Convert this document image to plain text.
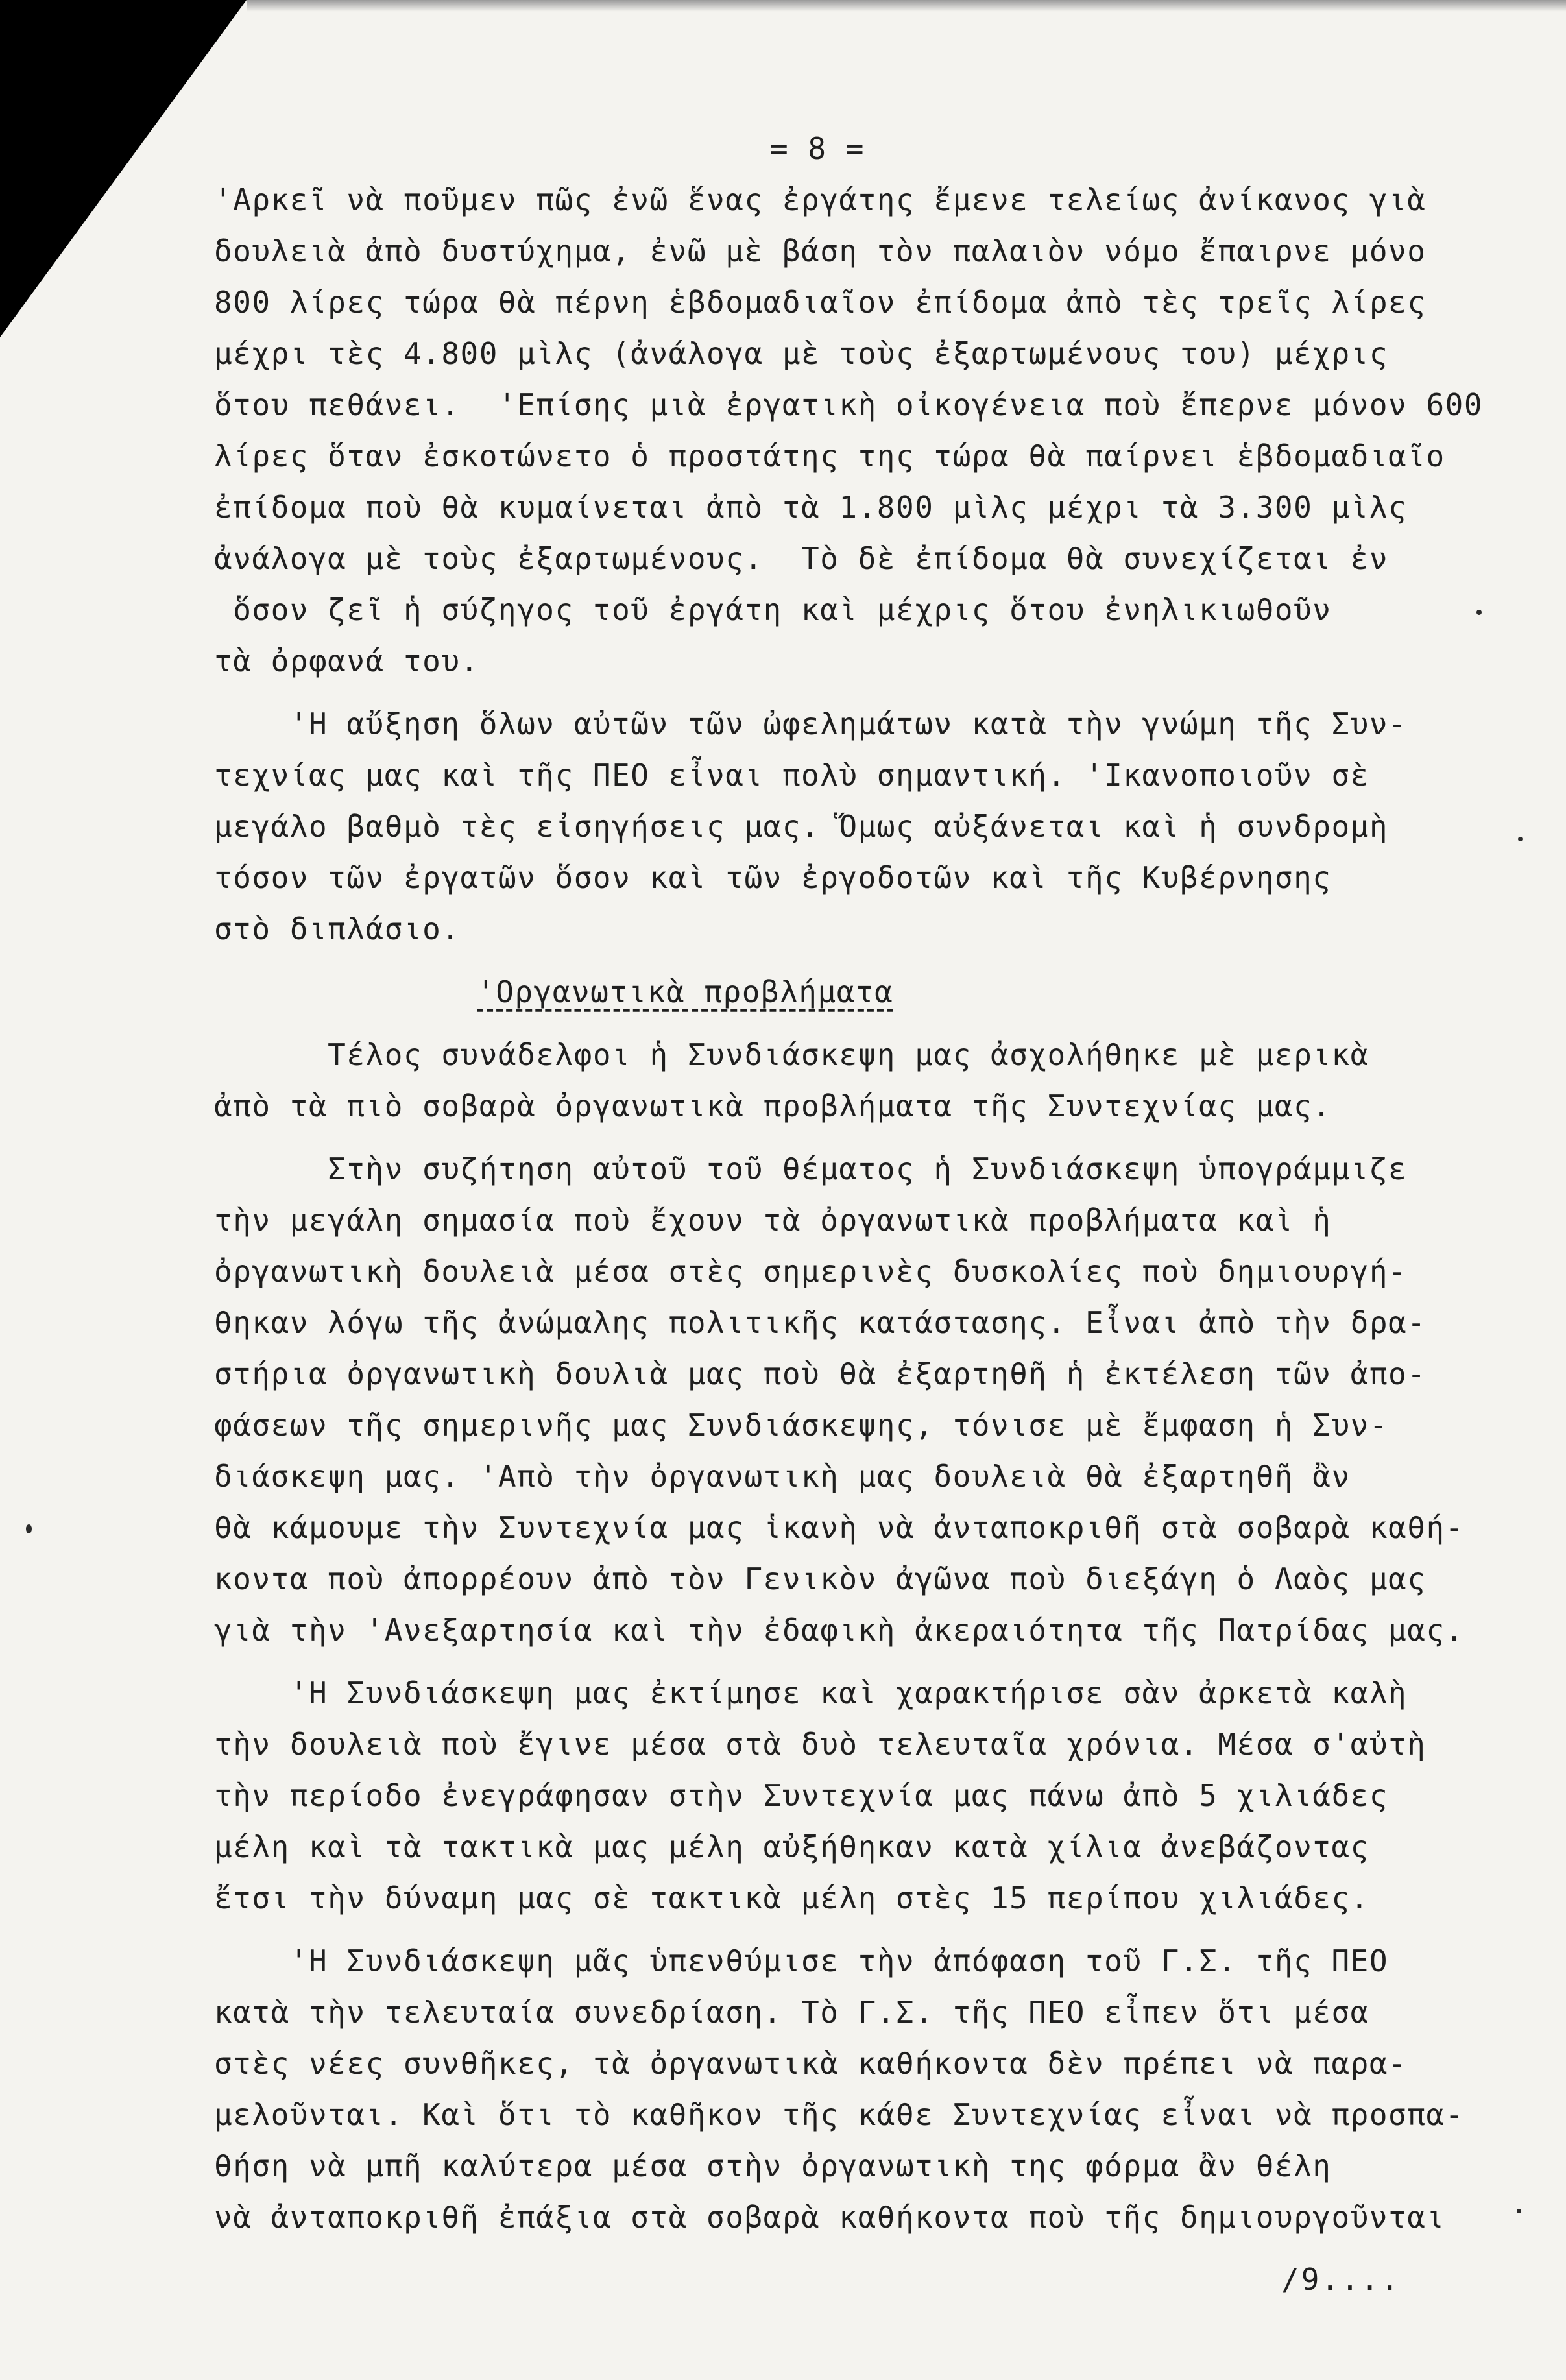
= 8 =
'Αρκεῖ νὰ ποῦμεν πῶς ἐνῶ ἕνας ἐργάτης ἔμενε τελείως ἀνίκανος γιὰ
δουλειὰ ἀπὸ δυστύχημα, ἐνῶ μὲ βάση τὸν παλαιὸν νόμο ἔπαιρνε μόνο
800 λίρες τώρα θὰ πέρνη ἑβδομαδιαῖον ἐπίδομα ἀπὸ τὲς τρεῖς λίρες
μέχρι τὲς 4.800 μὶλς (ἀνάλογα μὲ τοὺς ἐξαρτωμένους του) μέχρις
ὅτου πεθάνει.  'Επίσης μιὰ ἐργατικὴ οἰκογένεια ποὺ ἔπερνε μόνον 600
λίρες ὅταν ἐσκοτώνετο ὁ προστάτης της τώρα θὰ παίρνει ἑβδομαδιαῖο
ἐπίδομα ποὺ θὰ κυμαίνεται ἀπὸ τὰ 1.800 μὶλς μέχρι τὰ 3.300 μὶλς
ἀνάλογα μὲ τοὺς ἐξαρτωμένους.  Τὸ δὲ ἐπίδομα θὰ συνεχίζεται ἐν
ὅσον ζεῖ ἡ σύζηγος τοῦ ἐργάτη καὶ μέχρις ὅτου ἐνηλικιωθοῦν
τὰ ὀρφανά του.
'Η αὔξηση ὅλων αὐτῶν τῶν ὠφελημάτων κατὰ τὴν γνώμη τῆς Συν-
τεχνίας μας καὶ τῆς ΠΕΟ εἶναι πολὺ σημαντική. 'Ικανοποιοῦν σὲ
μεγάλο βαθμὸ τὲς εἰσηγήσεις μας. Ὅμως αὐξάνεται καὶ ἡ συνδρομὴ
τόσον τῶν ἐργατῶν ὅσον καὶ τῶν ἐργοδοτῶν καὶ τῆς Κυβέρνησης
στὸ διπλάσιο.
'Οργανωτικὰ προβλήματα
Τέλος συνάδελφοι ἡ Συνδιάσκεψη μας ἀσχολήθηκε μὲ μερικὰ
ἀπὸ τὰ πιὸ σοβαρὰ ὀργανωτικὰ προβλήματα τῆς Συντεχνίας μας.
Στὴν συζήτηση αὐτοῦ τοῦ θέματος ἡ Συνδιάσκεψη ὑπογράμμιζε
τὴν μεγάλη σημασία ποὺ ἔχουν τὰ ὀργανωτικὰ προβλήματα καὶ ἡ
ὀργανωτικὴ δουλειὰ μέσα στὲς σημερινὲς δυσκολίες ποὺ δημιουργή-
θηκαν λόγω τῆς ἀνώμαλης πολιτικῆς κατάστασης. Εἶναι ἀπὸ τὴν δρα-
στήρια ὀργανωτικὴ δουλιὰ μας ποὺ θὰ ἐξαρτηθῆ ἡ ἐκτέλεση τῶν ἀπο-
φάσεων τῆς σημερινῆς μας Συνδιάσκεψης, τόνισε μὲ ἔμφαση ἡ Συν-
διάσκεψη μας. 'Απὸ τὴν ὀργανωτικὴ μας δουλειὰ θὰ ἐξαρτηθῆ ἂν
θὰ κάμουμε τὴν Συντεχνία μας ἱκανὴ νὰ ἀνταποκριθῆ στὰ σοβαρὰ καθή-
κοντα ποὺ ἀπορρέουν ἀπὸ τὸν Γενικὸν ἀγῶνα ποὺ διεξάγη ὁ Λαὸς μας
γιὰ τὴν 'Ανεξαρτησία καὶ τὴν ἐδαφικὴ ἀκεραιότητα τῆς Πατρίδας μας.
'Η Συνδιάσκεψη μας ἐκτίμησε καὶ χαρακτήρισε σὰν ἀρκετὰ καλὴ
τὴν δουλειὰ ποὺ ἔγινε μέσα στὰ δυὸ τελευταῖα χρόνια. Μέσα σ'αὐτὴ
τὴν περίοδο ἐνεγράφησαν στὴν Συντεχνία μας πάνω ἀπὸ 5 χιλιάδες
μέλη καὶ τὰ τακτικὰ μας μέλη αὐξήθηκαν κατὰ χίλια ἀνεβάζοντας
ἔτσι τὴν δύναμη μας σὲ τακτικὰ μέλη στὲς 15 περίπου χιλιάδες.
'Η Συνδιάσκεψη μᾶς ὑπενθύμισε τὴν ἀπόφαση τοῦ Γ.Σ. τῆς ΠΕΟ
κατὰ τὴν τελευταία συνεδρίαση. Τὸ Γ.Σ. τῆς ΠΕΟ εἶπεν ὅτι μέσα
στὲς νέες συνθῆκες, τὰ ὀργανωτικὰ καθήκοντα δὲν πρέπει νὰ παρα-
μελοῦνται. Καὶ ὅτι τὸ καθῆκον τῆς κάθε Συντεχνίας εἶναι νὰ προσπα-
θήση νὰ μπῆ καλύτερα μέσα στὴν ὀργανωτικὴ της φόρμα ἂν θέλη
νὰ ἀνταποκριθῆ ἐπάξια στὰ σοβαρὰ καθήκοντα ποὺ τῆς δημιουργοῦνται
/9....
